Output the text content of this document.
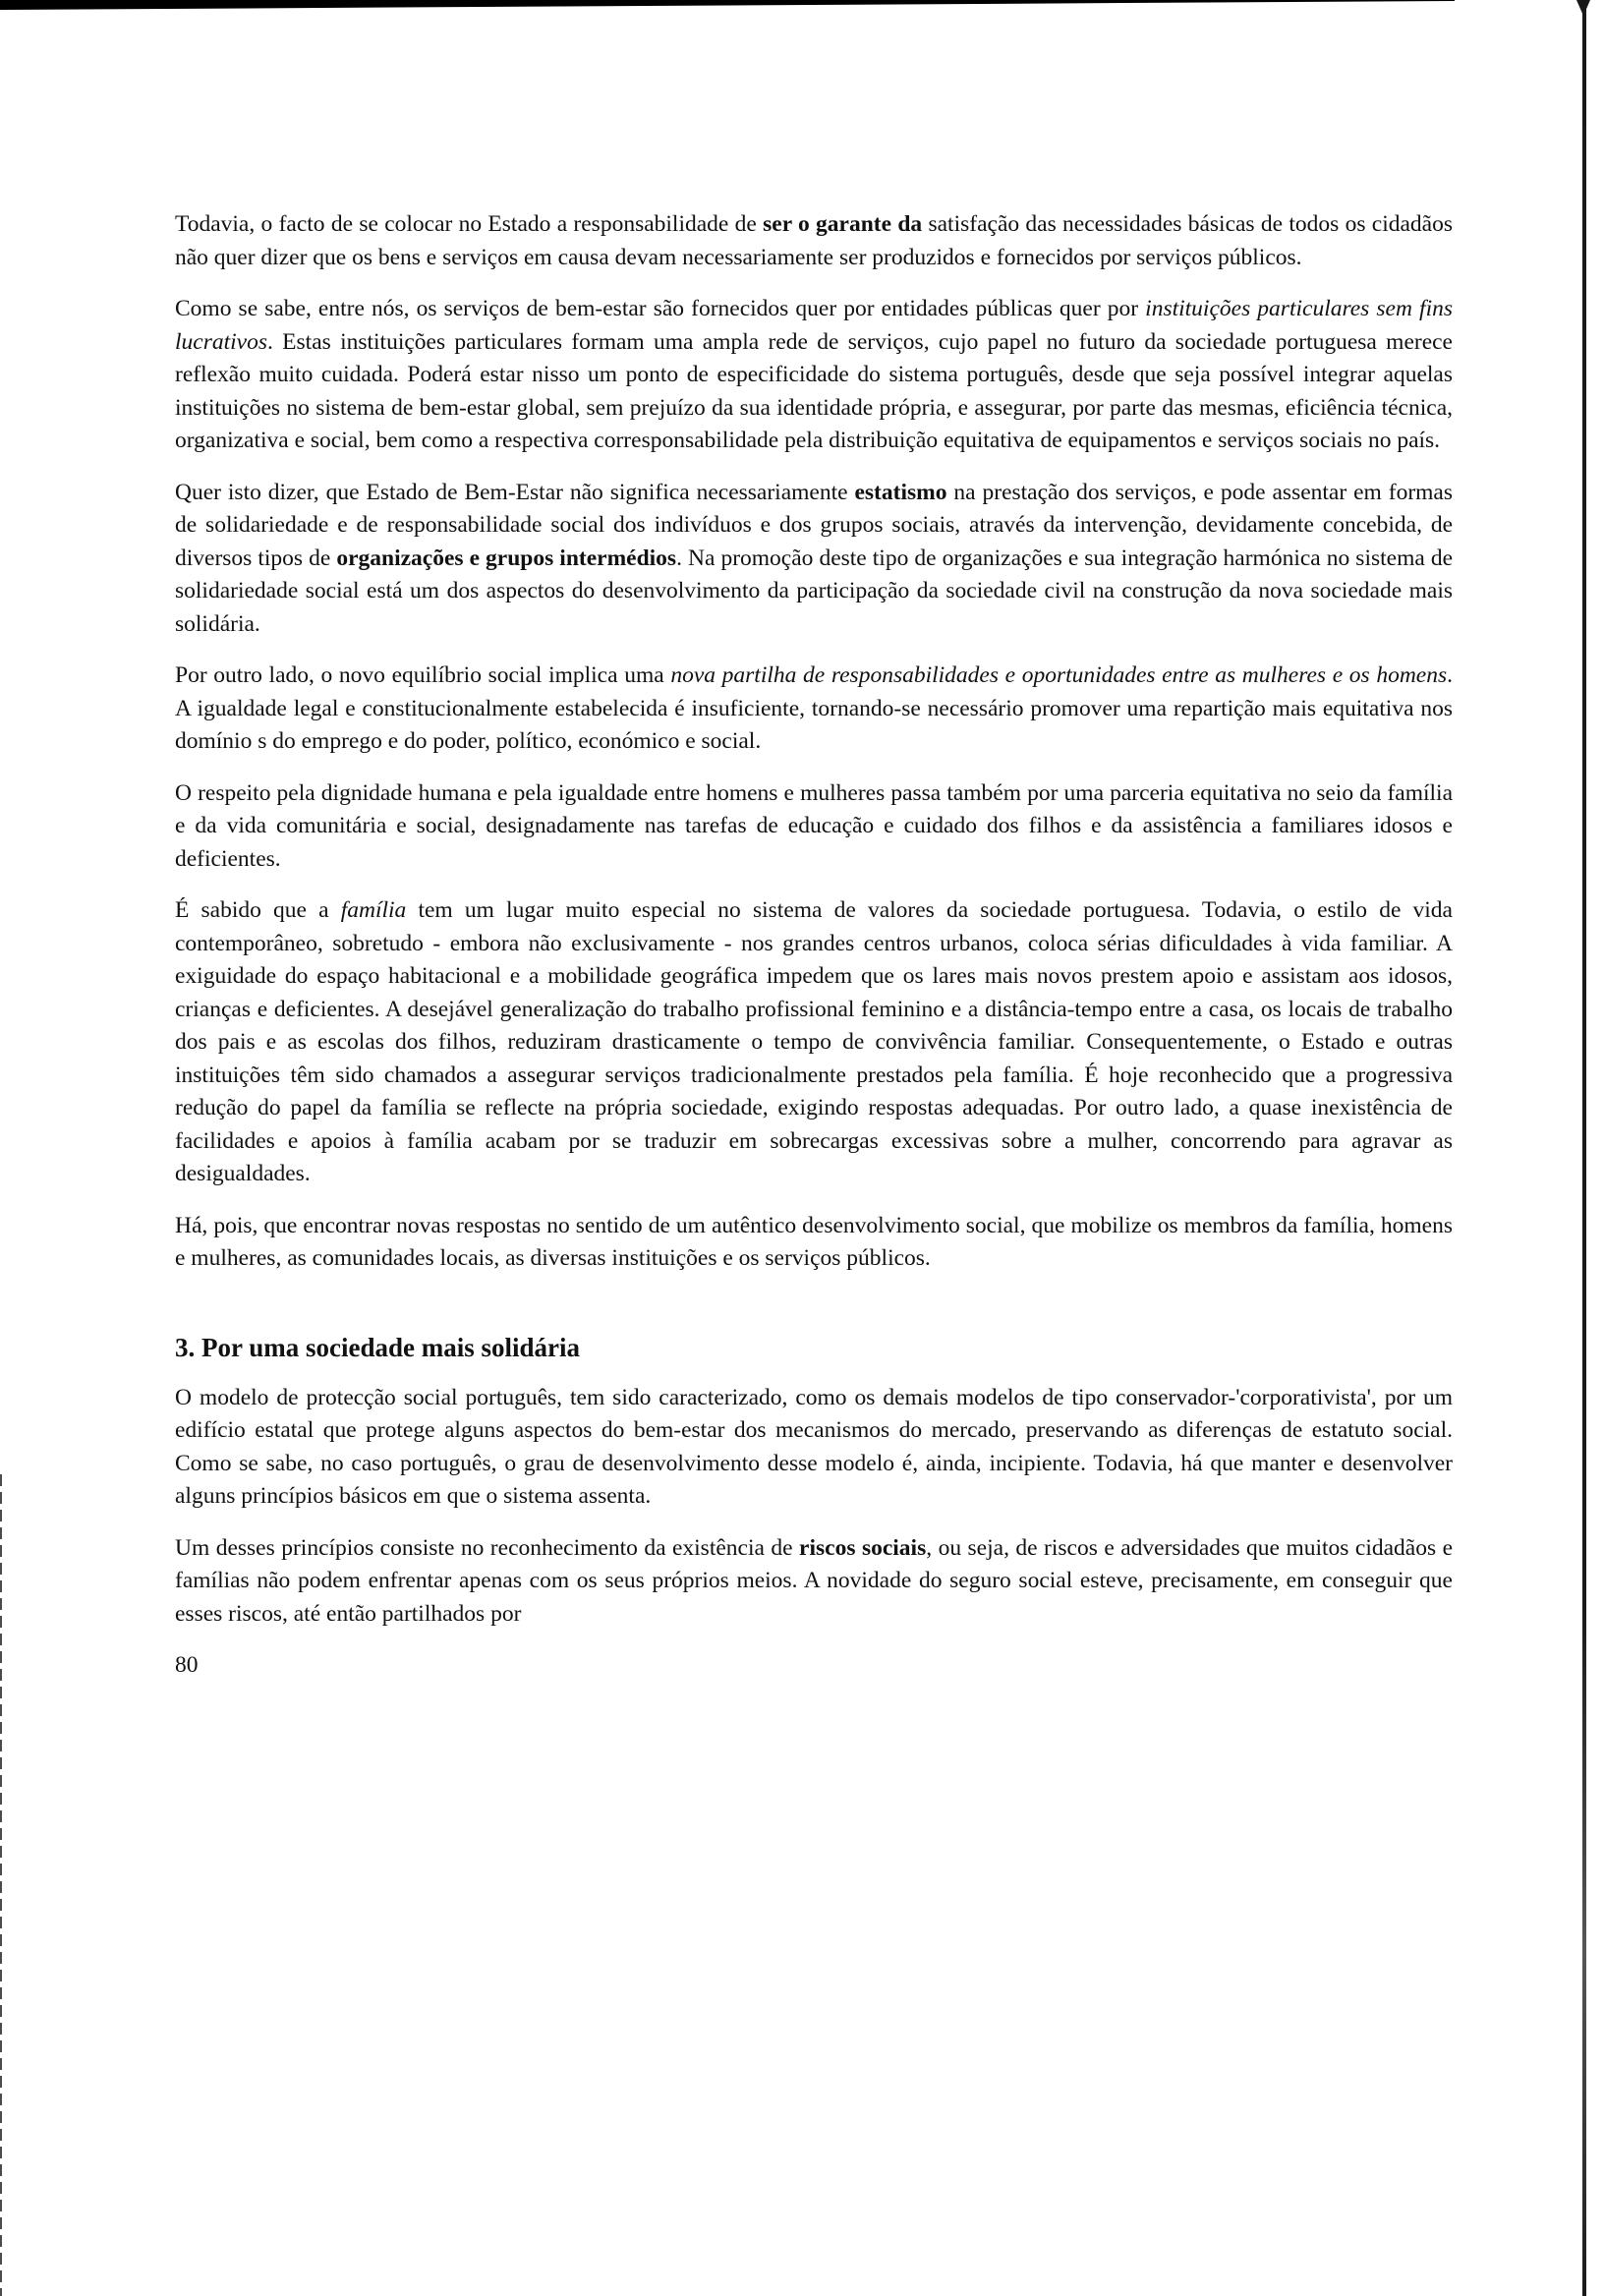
Todavia, o facto de se colocar no Estado a responsabilidade de ser o garante da satisfação das necessidades básicas de todos os cidadãos não quer dizer que os bens e serviços em causa devam necessariamente ser produzidos e fornecidos por serviços públicos.

Como se sabe, entre nós, os serviços de bem-estar são fornecidos quer por entidades públicas quer por instituições particulares sem fins lucrativos. Estas instituições particulares formam uma ampla rede de serviços, cujo papel no futuro da sociedade portuguesa merece reflexão muito cuidada. Poderá estar nisso um ponto de especificidade do sistema português, desde que seja possível integrar aquelas instituições no sistema de bem-estar global, sem prejuízo da sua identidade própria, e assegurar, por parte das mesmas, eficiência técnica, organizativa e social, bem como a respectiva corresponsabilidade pela distribuição equitativa de equipamentos e serviços sociais no país.

Quer isto dizer, que Estado de Bem-Estar não significa necessariamente estatismo na prestação dos serviços, e pode assentar em formas de solidariedade e de responsabilidade social dos indivíduos e dos grupos sociais, através da intervenção, devidamente concebida, de diversos tipos de organizações e grupos intermédios. Na promoção deste tipo de organizações e sua integração harmónica no sistema de solidariedade social está um dos aspectos do desenvolvimento da participação da sociedade civil na construção da nova sociedade mais solidária.

Por outro lado, o novo equilíbrio social implica uma nova partilha de responsabilidades e oportunidades entre as mulheres e os homens. A igualdade legal e constitucionalmente estabelecida é insuficiente, tornando-se necessário promover uma repartição mais equitativa nos domínio s do emprego e do poder, político, económico e social.

O respeito pela dignidade humana e pela igualdade entre homens e mulheres passa também por uma parceria equitativa no seio da família e da vida comunitária e social, designadamente nas tarefas de educação e cuidado dos filhos e da assistência a familiares idosos e deficientes.

É sabido que a família tem um lugar muito especial no sistema de valores da sociedade portuguesa. Todavia, o estilo de vida contemporâneo, sobretudo - embora não exclusivamente - nos grandes centros urbanos, coloca sérias dificuldades à vida familiar. A exiguidade do espaço habitacional e a mobilidade geográfica impedem que os lares mais novos prestem apoio e assistam aos idosos, crianças e deficientes. A desejável generalização do trabalho profissional feminino e a distância-tempo entre a casa, os locais de trabalho dos pais e as escolas dos filhos, reduziram drasticamente o tempo de convivência familiar. Consequentemente, o Estado e outras instituições têm sido chamados a assegurar serviços tradicionalmente prestados pela família. É hoje reconhecido que a progressiva redução do papel da família se reflecte na própria sociedade, exigindo respostas adequadas. Por outro lado, a quase inexistência de facilidades e apoios à família acabam por se traduzir em sobrecargas excessivas sobre a mulher, concorrendo para agravar as desigualdades.

Há, pois, que encontrar novas respostas no sentido de um autêntico desenvolvimento social, que mobilize os membros da família, homens e mulheres, as comunidades locais, as diversas instituições e os serviços públicos.

3. Por uma sociedade mais solidária

O modelo de protecção social português, tem sido caracterizado, como os demais modelos de tipo conservador-'corporativista', por um edifício estatal que protege alguns aspectos do bem-estar dos mecanismos do mercado, preservando as diferenças de estatuto social. Como se sabe, no caso português, o grau de desenvolvimento desse modelo é, ainda, incipiente. Todavia, há que manter e desenvolver alguns princípios básicos em que o sistema assenta.

Um desses princípios consiste no reconhecimento da existência de riscos sociais, ou seja, de riscos e adversidades que muitos cidadãos e famílias não podem enfrentar apenas com os seus próprios meios. A novidade do seguro social esteve, precisamente, em conseguir que esses riscos, até então partilhados por

80
